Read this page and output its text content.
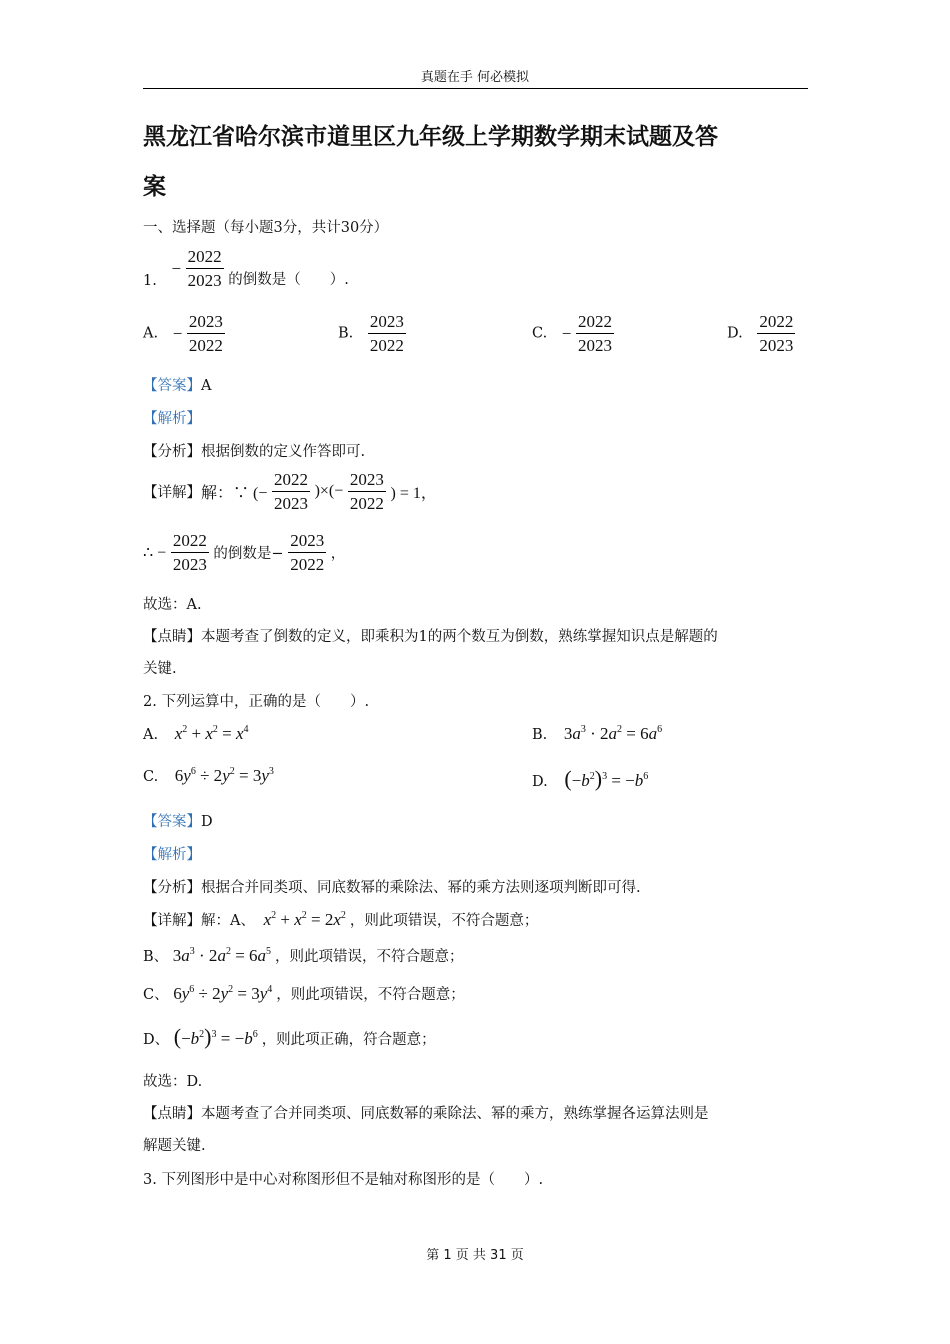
真题在手 何必模拟
黑龙江省哈尔滨市道里区九年级上学期数学期末试题及答
案
一、选择题（每小题3分，共计30分）
1. − $\frac{2022}{2023}$ 的倒数是（　　）.
A. − $\frac{2023}{2022}$	B. $\frac{2023}{2022}$	C. − $\frac{2022}{2023}$	D. $\frac{2022}{2023}$
【答案】A
【解析】
【分析】根据倒数的定义作答即可.
【详解】解：∵ (− $\frac{2022}{2023}$ )×(− $\frac{2023}{2022}$ ) = 1，
∴ − $\frac{2022}{2023}$ 的倒数是− $\frac{2023}{2022}$ ，
故选：A.
【点睛】本题考查了倒数的定义，即乘积为1的两个数互为倒数，熟练掌握知识点是解题的
关键.
2. 下列运算中，正确的是（　　）.
A. $x^2 + x^2 = x^4$	B. $3a^3 \cdot 2a^2 = 6a^6$
C. $6y^6 \div 2y^2 = 3y^3$
D. $(-b^2)^3 = -b^6$
【答案】D
【解析】
【分析】根据合并同类项、同底数幂的乘除法、幂的乘方法则逐项判断即可得.
【详解】解：A、 $x^2 + x^2 = 2x^2$ ，则此项错误，不符合题意；
B、 $3a^3 \cdot 2a^2 = 6a^5$ ，则此项错误，不符合题意；
C、 $6y^6 \div 2y^2 = 3y^4$ ，则此项错误，不符合题意；
D、 $(-b^2)^3 = -b^6$ ，则此项正确，符合题意；
故选：D.
【点睛】本题考查了合并同类项、同底数幂的乘除法、幂的乘方，熟练掌握各运算法则是
解题关键.
3. 下列图形中是中心对称图形但不是轴对称图形的是（　　）.
第 1 页 共 31 页
